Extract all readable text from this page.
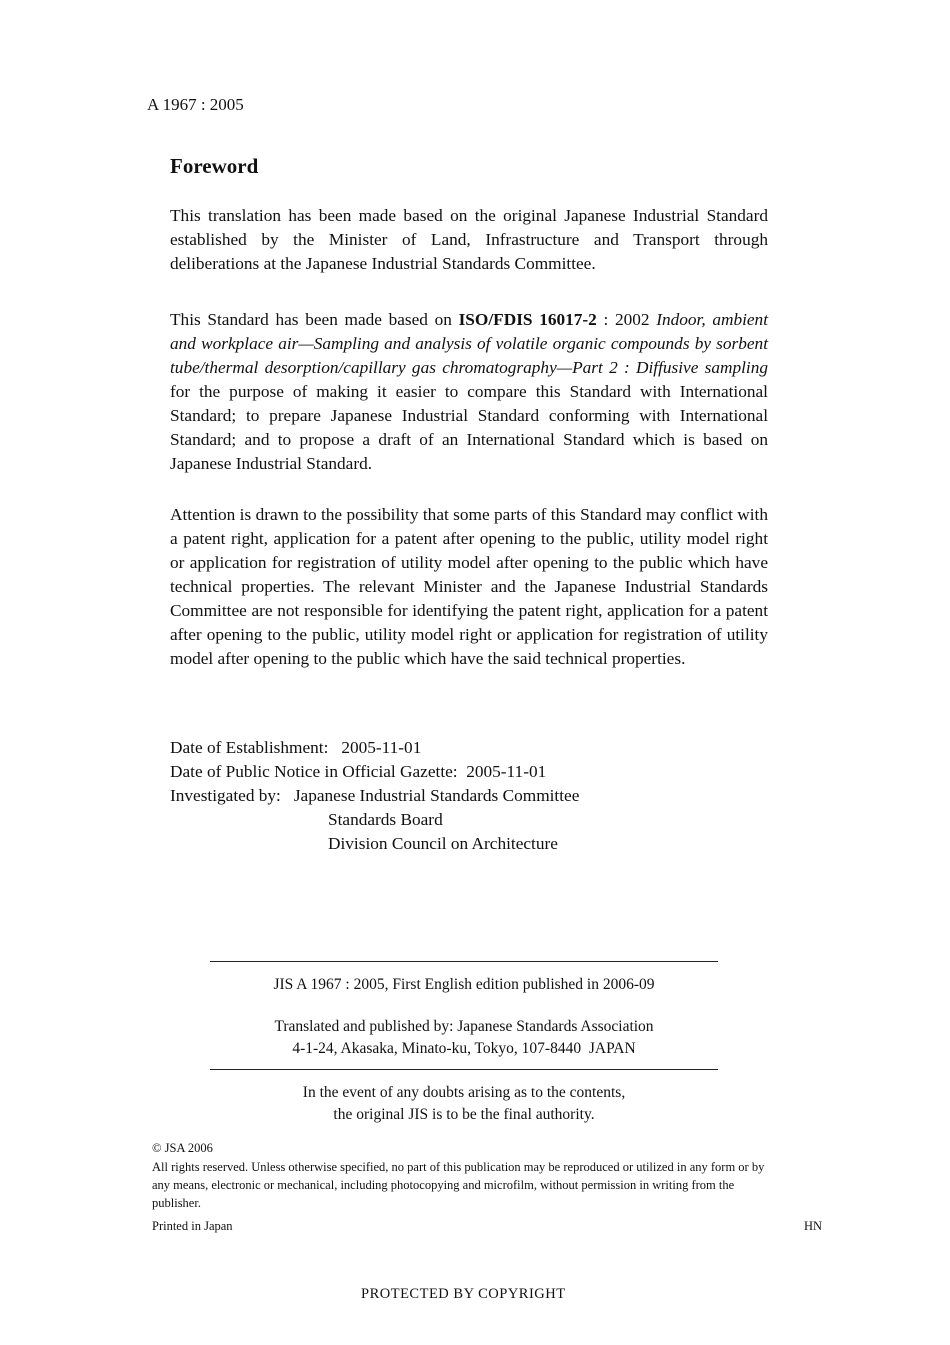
A 1967 : 2005
Foreword

This translation has been made based on the original Japanese Industrial Standard established by the Minister of Land, Infrastructure and Transport through deliberations at the Japanese Industrial Standards Committee.

This Standard has been made based on ISO/FDIS 16017-2 : 2002 Indoor, ambient and workplace air—Sampling and analysis of volatile organic compounds by sorbent tube/thermal desorption/capillary gas chromatography—Part 2 : Diffusive sampling for the purpose of making it easier to compare this Standard with International Standard; to prepare Japanese Industrial Standard conforming with International Standard; and to propose a draft of an International Standard which is based on Japanese Industrial Standard.

Attention is drawn to the possibility that some parts of this Standard may conflict with a patent right, application for a patent after opening to the public, utility model right or application for registration of utility model after opening to the public which have technical properties. The relevant Minister and the Japanese Industrial Standards Committee are not responsible for identifying the patent right, application for a patent after opening to the public, utility model right or application for registration of utility model after opening to the public which have the said technical properties.

Date of Establishment:   2005-11-01
Date of Public Notice in Official Gazette:  2005-11-01
Investigated by:   Japanese Industrial Standards Committee
Standards Board
Division Council on Architecture
JIS A 1967 : 2005, First English edition published in 2006-09
Translated and published by: Japanese Standards Association
4-1-24, Akasaka, Minato-ku, Tokyo, 107-8440  JAPAN
In the event of any doubts arising as to the contents,
the original JIS is to be the final authority.
© JSA 2006

All rights reserved. Unless otherwise specified, no part of this publication may be reproduced or utilized in any form or by any means, electronic or mechanical, including photocopying and microfilm, without permission in writing from the publisher.

Printed in Japan	HN
PROTECTED BY COPYRIGHT
